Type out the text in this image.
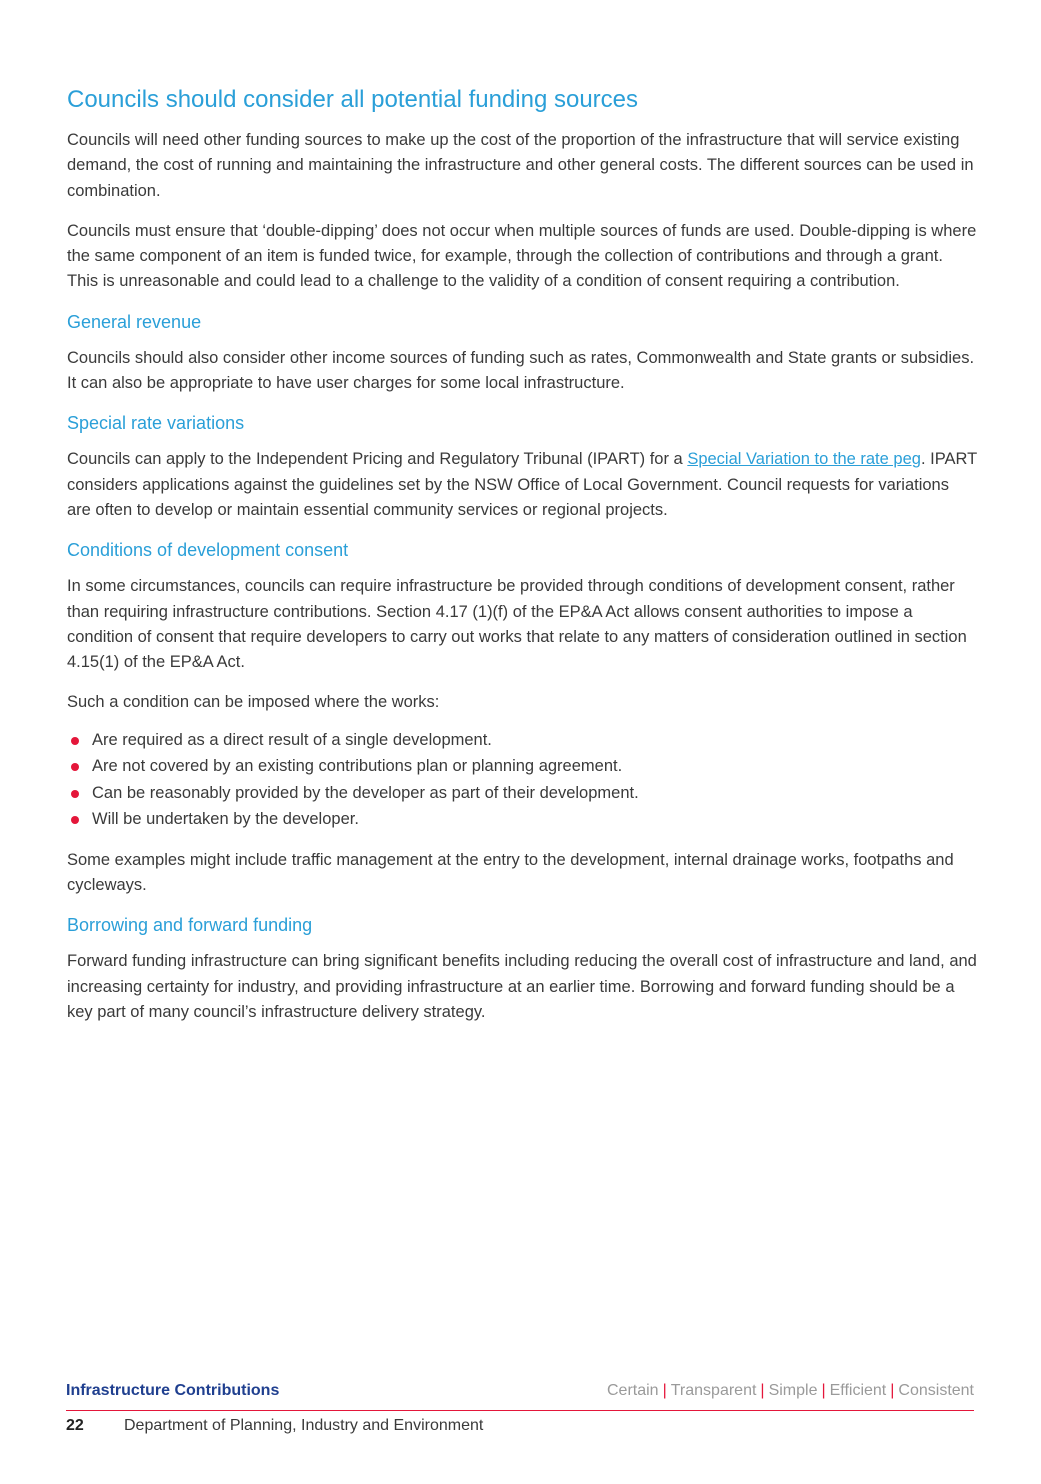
Councils should consider all potential funding sources

Councils will need other funding sources to make up the cost of the proportion of the infrastructure that will service existing demand, the cost of running and maintaining the infrastructure and other general costs. The different sources can be used in combination.

Councils must ensure that ‘double-dipping’ does not occur when multiple sources of funds are used. Double-dipping is where the same component of an item is funded twice, for example, through the collection of contributions and through a grant. This is unreasonable and could lead to a challenge to the validity of a condition of consent requiring a contribution.

General revenue

Councils should also consider other income sources of funding such as rates, Commonwealth and State grants or subsidies. It can also be appropriate to have user charges for some local infrastructure.

Special rate variations

Councils can apply to the Independent Pricing and Regulatory Tribunal (IPART) for a Special Variation to the rate peg. IPART considers applications against the guidelines set by the NSW Office of Local Government. Council requests for variations are often to develop or maintain essential community services or regional projects.

Conditions of development consent

In some circumstances, councils can require infrastructure be provided through conditions of development consent, rather than requiring infrastructure contributions. Section 4.17 (1)(f) of the EP&A Act allows consent authorities to impose a condition of consent that require developers to carry out works that relate to any matters of consideration outlined in section 4.15(1) of the EP&A Act.

Such a condition can be imposed where the works:

Are required as a direct result of a single development.
Are not covered by an existing contributions plan or planning agreement.
Can be reasonably provided by the developer as part of their development.
Will be undertaken by the developer.

Some examples might include traffic management at the entry to the development, internal drainage works, footpaths and cycleways.

Borrowing and forward funding

Forward funding infrastructure can bring significant benefits including reducing the overall cost of infrastructure and land, and increasing certainty for industry, and providing infrastructure at an earlier time. Borrowing and forward funding should be a key part of many council’s infrastructure delivery strategy.

Infrastructure Contributions	Certain | Transparent | Simple | Efficient | Consistent
22	Department of Planning, Industry and Environment
